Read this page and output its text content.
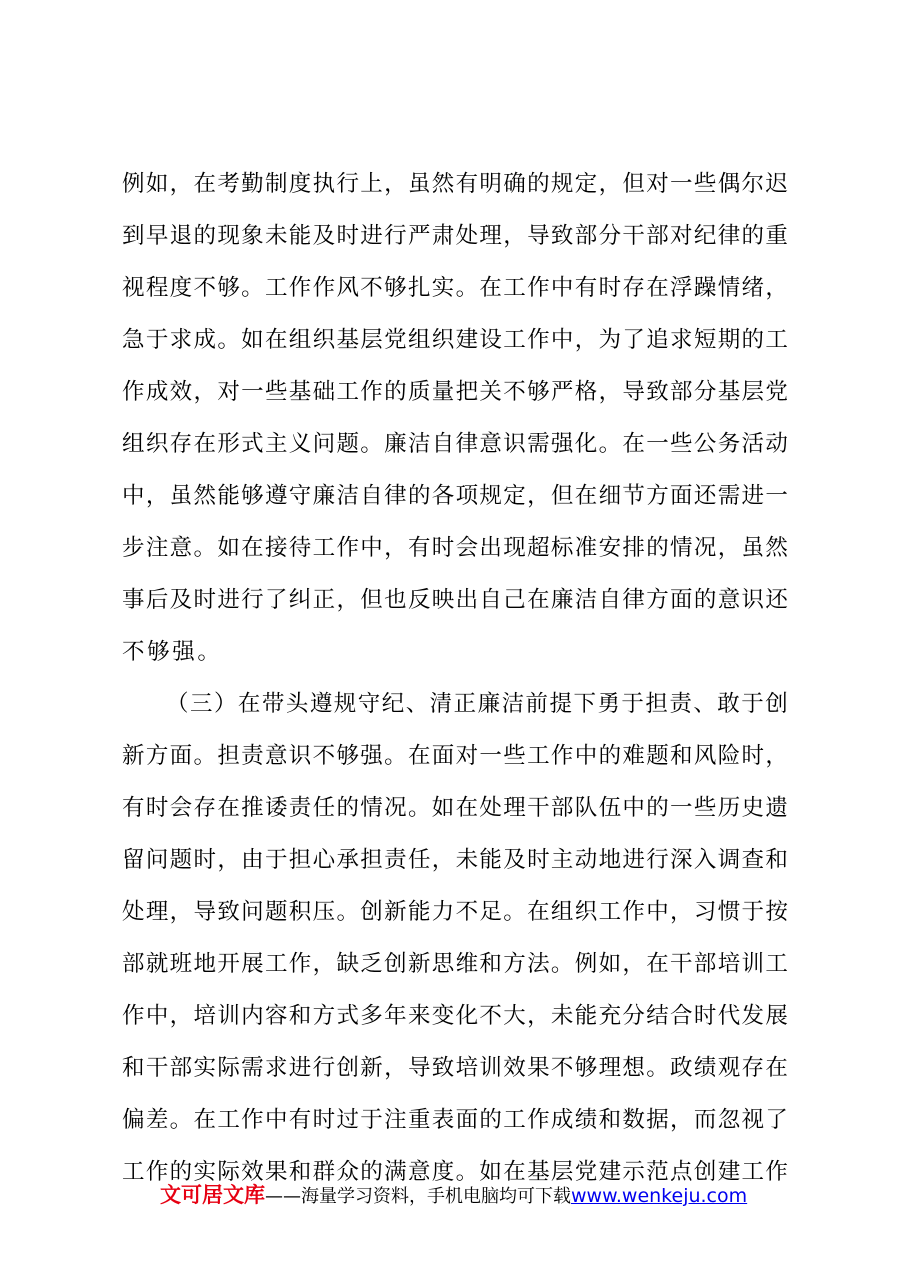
例 如 ， 在 考 勤 制 度 执 行 上 ， 虽 然 有 明 确 的 规 定 ， 但 对 一 些 偶 尔 迟
到 早 退 的 现 象 未 能 及 时 进 行 严 肃 处 理 ， 导 致 部 分 干 部 对 纪 律 的 重
视 程 度 不 够 。 工 作 作 风 不 够 扎 实 。 在 工 作 中 有 时 存 在 浮 躁 情 绪 ，
急 于 求 成 。 如 在 组 织 基 层 党 组 织 建 设 工 作 中 ， 为 了 追 求 短 期 的 工
作 成 效 ， 对 一 些 基 础 工 作 的 质 量 把 关 不 够 严 格 ， 导 致 部 分 基 层 党
组 织 存 在 形 式 主 义 问 题 。 廉 洁 自 律 意 识 需 强 化 。 在 一 些 公 务 活 动
中 ， 虽 然 能 够 遵 守 廉 洁 自 律 的 各 项 规 定 ， 但 在 细 节 方 面 还 需 进 一
步 注 意 。 如 在 接 待 工 作 中 ， 有 时 会 出 现 超 标 准 安 排 的 情 况 ， 虽 然
事 后 及 时 进 行 了 纠 正 ， 但 也 反 映 出 自 己 在 廉 洁 自 律 方 面 的 意 识 还
不 够 强 。
（ 三 ） 在 带 头 遵 规 守 纪 、 清 正 廉 洁 前 提 下 勇 于 担 责 、 敢 于 创
新 方 面 。 担 责 意 识 不 够 强 。 在 面 对 一 些 工 作 中 的 难 题 和 风 险 时 ，
有 时 会 存 在 推 诿 责 任 的 情 况 。 如 在 处 理 干 部 队 伍 中 的 一 些 历 史 遗
留 问 题 时 ， 由 于 担 心 承 担 责 任 ， 未 能 及 时 主 动 地 进 行 深 入 调 查 和
处 理 ， 导 致 问 题 积 压 。 创 新 能 力 不 足 。 在 组 织 工 作 中 ， 习 惯 于 按
部 就 班 地 开 展 工 作 ， 缺 乏 创 新 思 维 和 方 法 。 例 如 ， 在 干 部 培 训 工
作 中 ， 培 训 内 容 和 方 式 多 年 来 变 化 不 大 ， 未 能 充 分 结 合 时 代 发 展
和 干 部 实 际 需 求 进 行 创 新 ， 导 致 培 训 效 果 不 够 理 想 。 政 绩 观 存 在
偏 差 。 在 工 作 中 有 时 过 于 注 重 表 面 的 工 作 成 绩 和 数 据 ， 而 忽 视 了
工 作 的 实 际 效 果 和 群 众 的 满 意 度 。 如 在 基 层 党 建 示 范 点 创 建 工 作
文可居文库——海量学习资料，手机电脑均可下载www.wenkeju.com
